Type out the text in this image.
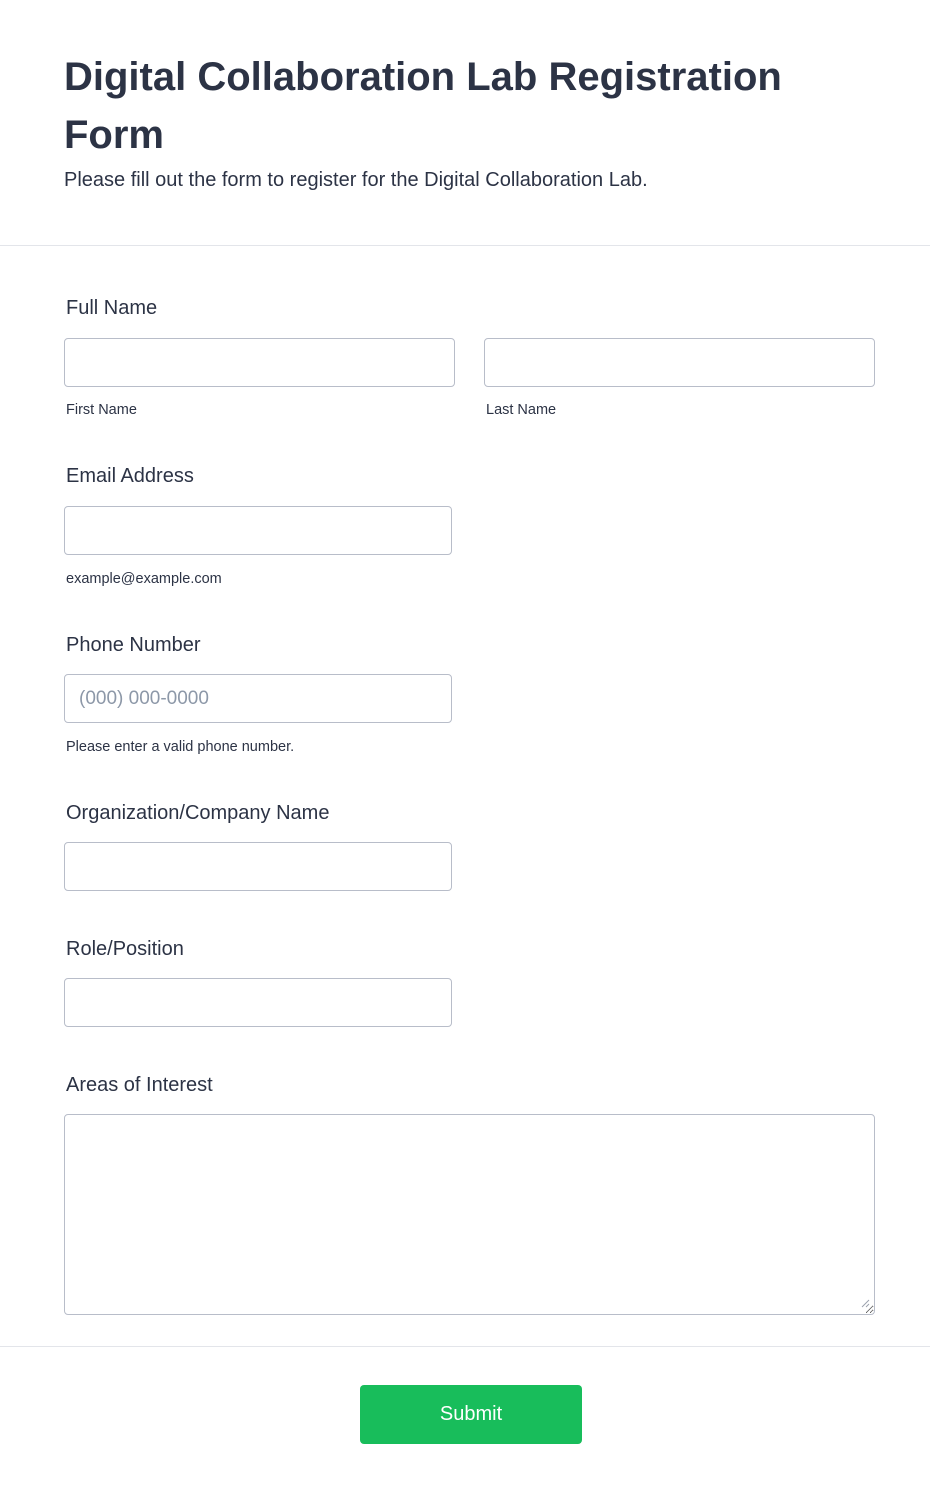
Digital Collaboration Lab Registration Form

Please fill out the form to register for the Digital Collaboration Lab.

Full Name
First Name	Last Name
Email Address
example@example.com
Phone Number
(000) 000-0000
Please enter a valid phone number.
Organization/Company Name
Role/Position
Areas of Interest
Submit
